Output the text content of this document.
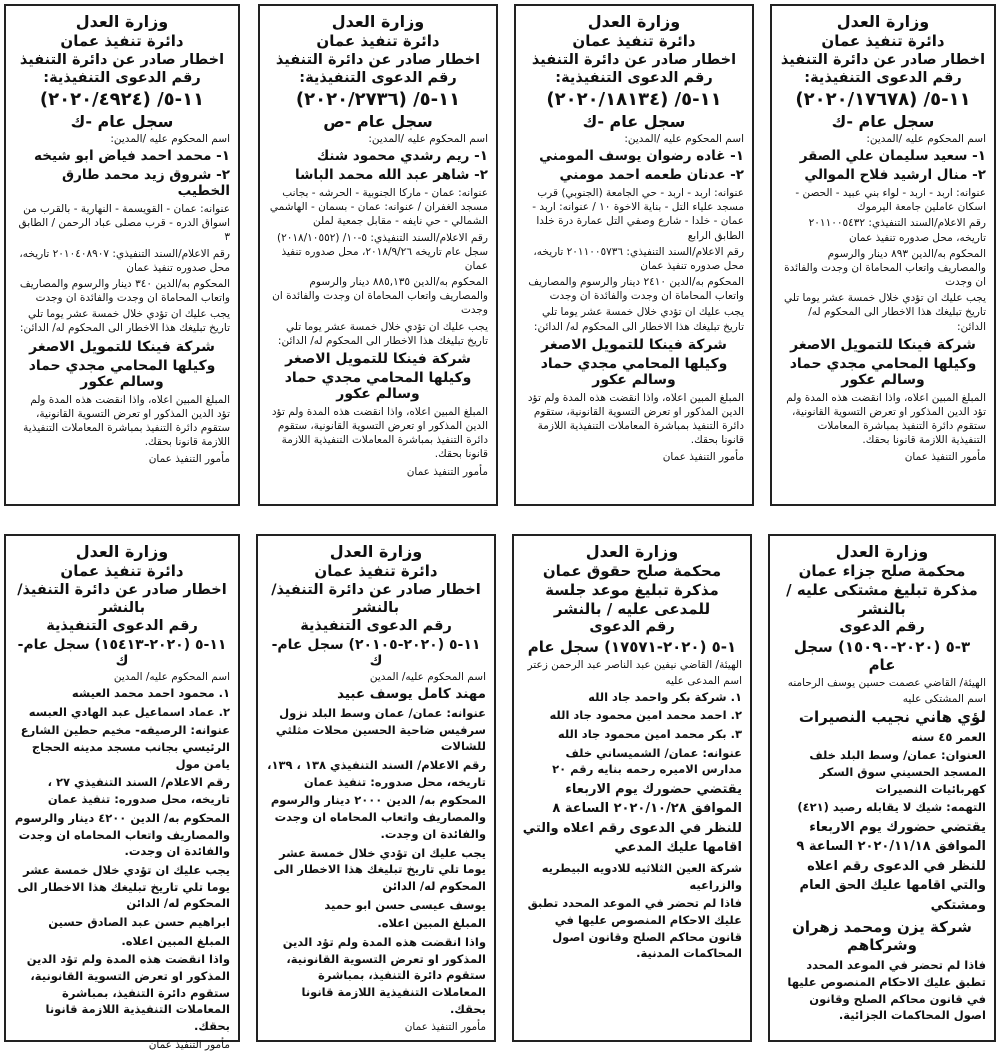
وزارة العدل
دائرة تنفيذ عمان
اخطار صادر عن دائرة التنفيذ
رقم الدعوى التنفيذية:
١١-٥/ (٢٠٢٠/١٧٦٧٨)
سجل عام -ك
اسم المحكوم عليه /المدين:
١- سعيد سليمان علي الصقر
٢- منال ارشيد فلاح الموالي
عنوانه: اربد - اربد - لواء بني عبيد - الحصن - اسكان عاملين جامعة اليرموك
رقم الاعلام/السند التنفيذي: ٢٠١١٠٠٥٤٣٢ تاريخه، محل صدوره تنفيذ عمان
المحكوم به/الدين ٨٩٣ دينار والرسوم والمصاريف واتعاب المحاماة ان وجدت والفائدة ان وجدت
يجب عليك ان تؤدي خلال خمسة عشر يوما تلي تاريخ تبليغك هذا الاخطار الى المحكوم له/ الدائن:
شركة فينكا للتمويل الاصغر
وكيلها المحامي مجدي حماد وسالم عكور
المبلغ المبين اعلاه، واذا انقضت هذه المدة ولم تؤد الدين المذكور او تعرض التسوية القانونية، ستقوم دائرة التنفيذ بمباشرة المعاملات التنفيذية اللازمة قانونا بحقك.
مأمور التنفيذ عمان
وزارة العدل
دائرة تنفيذ عمان
اخطار صادر عن دائرة التنفيذ
رقم الدعوى التنفيذية:
١١-٥/ (٢٠٢٠/١٨١٣٤)
سجل عام -ك
اسم المحكوم عليه /المدين:
١- غاده رضوان يوسف المومني
٢- عدنان طعمه احمد مومني
عنوانه: اربد - اربد - حي الجامعة (الجنوبي) قرب مسجد علياء التل - بناية الاخوة ١٠ / عنوانه: اربد - عمان - خلدا - شارع وصفي التل عمارة درة خلدا الطابق الرابع
رقم الاعلام/السند التنفيذي: ٢٠١١٠٠٥٧٣٦ تاريخه، محل صدوره تنفيذ عمان
المحكوم به/الدين ٢٤١٠ دينار والرسوم والمصاريف واتعاب المحاماة ان وجدت والفائدة ان وجدت
يجب عليك ان تؤدي خلال خمسة عشر يوما تلي تاريخ تبليغك هذا الاخطار الى المحكوم له/ الدائن:
شركة فينكا للتمويل الاصغر
وكيلها المحامي مجدي حماد وسالم عكور
المبلغ المبين اعلاه، واذا انقضت هذه المدة ولم تؤد الدين المذكور او تعرض التسوية القانونية، ستقوم دائرة التنفيذ بمباشرة المعاملات التنفيذية اللازمة قانونا بحقك.
مأمور التنفيذ عمان
وزارة العدل
دائرة تنفيذ عمان
اخطار صادر عن دائرة التنفيذ
رقم الدعوى التنفيذية:
١١-٥/ (٢٠٢٠/٢٧٣٦)
سجل عام -ص
اسم المحكوم عليه /المدين:
١- ريم رشدي محمود شنك
٢- شاهر عبد الله محمد الباشا
عنوانه: عمان - ماركا الجنوبية - الحرشه - بجانب مسجد الغفران / عنوانه: عمان - بسمان - الهاشمي الشمالي - حي نايفه - مقابل جمعية لملن
رقم الاعلام/السند التنفيذي: ٥-١٠/ (٢٠١٨/١٠٥٥٢) سجل عام تاريخه ٢٠١٨/٩/٢٦، محل صدوره تنفيذ عمان
المحكوم به/الدين ٨٨٥,١٣٥ دينار والرسوم والمصاريف واتعاب المحاماة ان وجدت والفائدة ان وجدت
يجب عليك ان تؤدي خلال خمسة عشر يوما تلي تاريخ تبليغك هذا الاخطار الى المحكوم له/ الدائن:
شركة فينكا للتمويل الاصغر
وكيلها المحامي مجدي حماد وسالم عكور
المبلغ المبين اعلاه، واذا انقضت هذه المدة ولم تؤد الدين المذكور او تعرض التسوية القانونية، ستقوم دائرة التنفيذ بمباشرة المعاملات التنفيذية اللازمة قانونا بحقك.
مأمور التنفيذ عمان
وزارة العدل
دائرة تنفيذ عمان
اخطار صادر عن دائرة التنفيذ
رقم الدعوى التنفيذية:
١١-٥/ (٢٠٢٠/٤٩٢٤)
سجل عام -ك
اسم المحكوم عليه /المدين:
١- محمد احمد فياض ابو شيخه
٢- شروق زيد محمد طارق الخطيب
عنوانه: عمان - القويسمة - النهارية - بالقرب من اسواق الدره - قرب مصلى عباد الرحمن / الطابق ٣
رقم الاعلام/السند التنفيذي: ٢٠١٠٤٠٨٩٠٧ تاريخه، محل صدوره تنفيذ عمان
المحكوم به/الدين ٣٤٠ دينار والرسوم والمصاريف واتعاب المحاماة ان وجدت والفائدة ان وجدت
يجب عليك ان تؤدي خلال خمسة عشر يوما تلي تاريخ تبليغك هذا الاخطار الى المحكوم له/ الدائن:
شركة فينكا للتمويل الاصغر
وكيلها المحامي مجدي حماد وسالم عكور
المبلغ المبين اعلاه، واذا انقضت هذه المدة ولم تؤد الدين المذكور او تعرض التسوية القانونية، ستقوم دائرة التنفيذ بمباشرة المعاملات التنفيذية اللازمة قانونا بحقك.
مأمور التنفيذ عمان
وزارة العدل
محكمة صلح جزاء عمان
مذكرة تبليغ مشتكى عليه / بالنشر
رقم الدعوى
٣-٥ (٢٠٢٠-١٥٠٩٠) سجل عام
الهيئة/ القاضي عصمت حسين يوسف الرحامنه
اسم المشتكى عليه
لؤي هاني نجيب النصيرات
العمر ٤٥ سنه
العنوان: عمان/ وسط البلد خلف المسجد الحسيني سوق السكر كهربائيات النصيرات
التهمه: شيك لا يقابله رصيد (٤٢١)
يقتضي حضورك يوم الاربعاء الموافق ٢٠٢٠/١١/١٨ الساعة ٩ للنظر في الدعوى رقم اعلاه والتي اقامها عليك الحق العام ومشتكي
شركة يزن ومحمد زهران وشركاهم
فاذا لم تحضر في الموعد المحدد تطبق عليك الاحكام المنصوص عليها في قانون محاكم الصلح وقانون اصول المحاكمات الجزائية.
وزارة العدل
محكمة صلح حقوق عمان
مذكرة تبليغ موعد جلسة للمدعى عليه / بالنشر
رقم الدعوى
١-٥ (٢٠٢٠-١٧٥٧١) سجل عام
الهيئة/ القاضي نيفين عبد الناصر عبد الرحمن زعتر
اسم المدعى عليه
١. شركة بكر واحمد جاد الله
٢. احمد محمد امين محمود جاد الله
٣. بكر محمد امين محمود جاد الله
عنوانه: عمان/ الشميساني خلف مدارس الاميره رحمه بنايه رقم ٢٠
يقتضي حضورك يوم الاربعاء الموافق ٢٠٢٠/١٠/٢٨ الساعة ٨ للنظر في الدعوى رقم اعلاه والتي اقامها عليك المدعي
شركة العين الثلاثيه للادويه البيطريه والزراعيه
فاذا لم تحضر في الموعد المحدد تطبق عليك الاحكام المنصوص عليها في قانون محاكم الصلح وقانون اصول المحاكمات المدنية.
وزارة العدل
دائرة تنفيذ عمان
اخطار صادر عن دائرة التنفيذ/بالنشر
رقم الدعوى التنفيذية
١١-٥ (٢٠٢٠-٢٠١٠٥) سجل عام-ك
اسم المحكوم عليه/ المدين
مهند كامل يوسف عبيد
عنوانه: عمان/ عمان وسط البلد نزول سرفيس ضاحية الحسين محلات مثلثي للشالات
رقم الاعلام/ السند التنفيذي ١٣٨ ، ١٣٩، تاريخه، محل صدوره: تنفيذ عمان
المحكوم به/ الدين ٢٠٠٠ دينار والرسوم والمصاريف واتعاب المحاماه ان وجدت والفائدة ان وجدت.
يجب عليك ان تؤدي خلال خمسة عشر يوما تلي تاريخ تبليغك هذا الاخطار الى المحكوم له/ الدائن
يوسف عيسى حسن ابو حميد
المبلغ المبين اعلاه.
واذا انقضت هذه المدة ولم تؤد الدين المذكور او تعرض التسوية القانونية، ستقوم دائرة التنفيذ، بمباشرة المعاملات التنفيذية اللازمة قانونا بحقك.
مأمور التنفيذ عمان
وزارة العدل
دائرة تنفيذ عمان
اخطار صادر عن دائرة التنفيذ/بالنشر
رقم الدعوى التنفيذية
١١-٥ (٢٠٢٠-١٥٤١٣) سجل عام-ك
اسم المحكوم عليه/ المدين
١. محمود احمد محمد العيشه
٢. عماد اسماعيل عبد الهادي العبسه
عنوانه: الرصيفه- مخيم حطين الشارع الرئيسي بجانب مسجد مدينه الحجاج يامن مول
رقم الاعلام/ السند التنفيذي ٢٧ ، تاريخه، محل صدوره: تنفيذ عمان
المحكوم به/ الدين ٤٢٠٠ دينار والرسوم والمصاريف واتعاب المحاماه ان وجدت والفائدة ان وجدت.
يجب عليك ان تؤدي خلال خمسة عشر يوما تلي تاريخ تبليغك هذا الاخطار الى المحكوم له/ الدائن
ابراهيم حسن عبد الصادق حسين
المبلغ المبين اعلاه.
واذا انقضت هذه المدة ولم تؤد الدين المذكور او تعرض التسوية القانونية، ستقوم دائرة التنفيذ، بمباشرة المعاملات التنفيذية اللازمة قانونا بحقك.
مأمور التنفيذ عمان
